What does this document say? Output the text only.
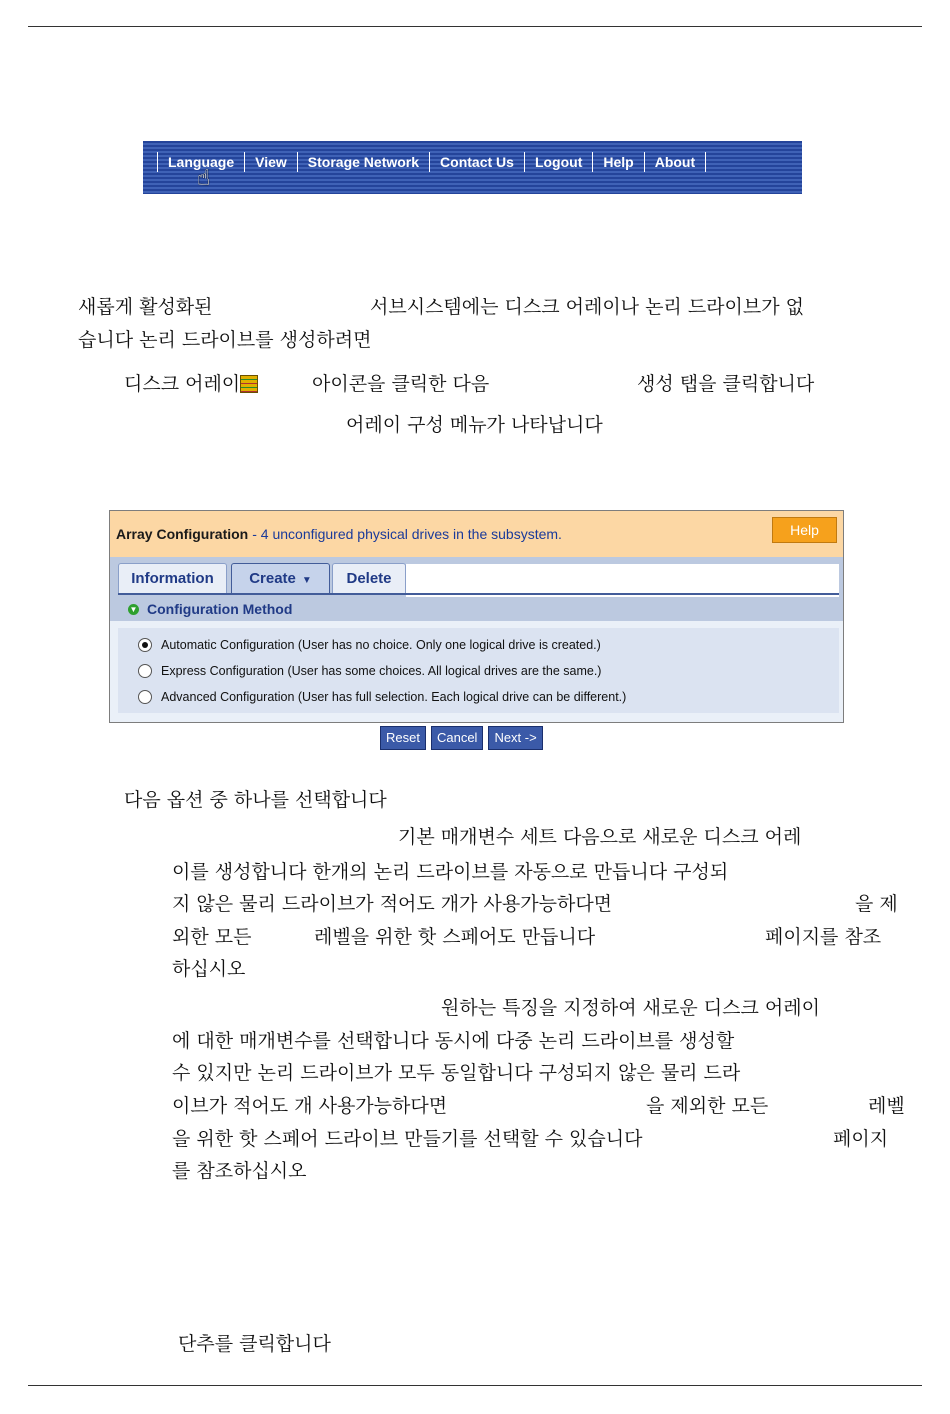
Language View Storage Network Contact Us Logout Help About
☝
새롭게 활성화된	서브시스템에는 디스크 어레이나 논리 드라이브가 없
습니다 논리 드라이브를 생성하려면
디스크 어레이	아이콘을 클릭한 다음	생성 탭을 클릭합니다
어레이 구성 메뉴가 나타납니다
Array Configuration - 4 unconfigured physical drives in the subsystem.	Help
Information	Create ▼	Delete
▼ Configuration Method
Automatic Configuration (User has no choice. Only one logical drive is created.)
Express Configuration (User has some choices. All logical drives are the same.)
Advanced Configuration (User has full selection. Each logical drive can be different.)
Reset	Cancel	Next ->
다음 옵션 중 하나를 선택합니다
기본 매개변수 세트 다음으로 새로운 디스크 어레
이를 생성합니다 한개의 논리 드라이브를 자동으로 만듭니다 구성되
지 않은 물리 드라이브가 적어도 개가 사용가능하다면	을 제
외한 모든	레벨을 위한 핫 스페어도 만듭니다	페이지를 참조
하십시오
원하는 특징을 지정하여 새로운 디스크 어레이
에 대한 매개변수를 선택합니다 동시에 다중 논리 드라이브를 생성할
수 있지만 논리 드라이브가 모두 동일합니다 구성되지 않은 물리 드라
이브가 적어도 개 사용가능하다면	을 제외한 모든	레벨
을 위한 핫 스페어 드라이브 만들기를 선택할 수 있습니다	페이지
를 참조하십시오
단추를 클릭합니다
